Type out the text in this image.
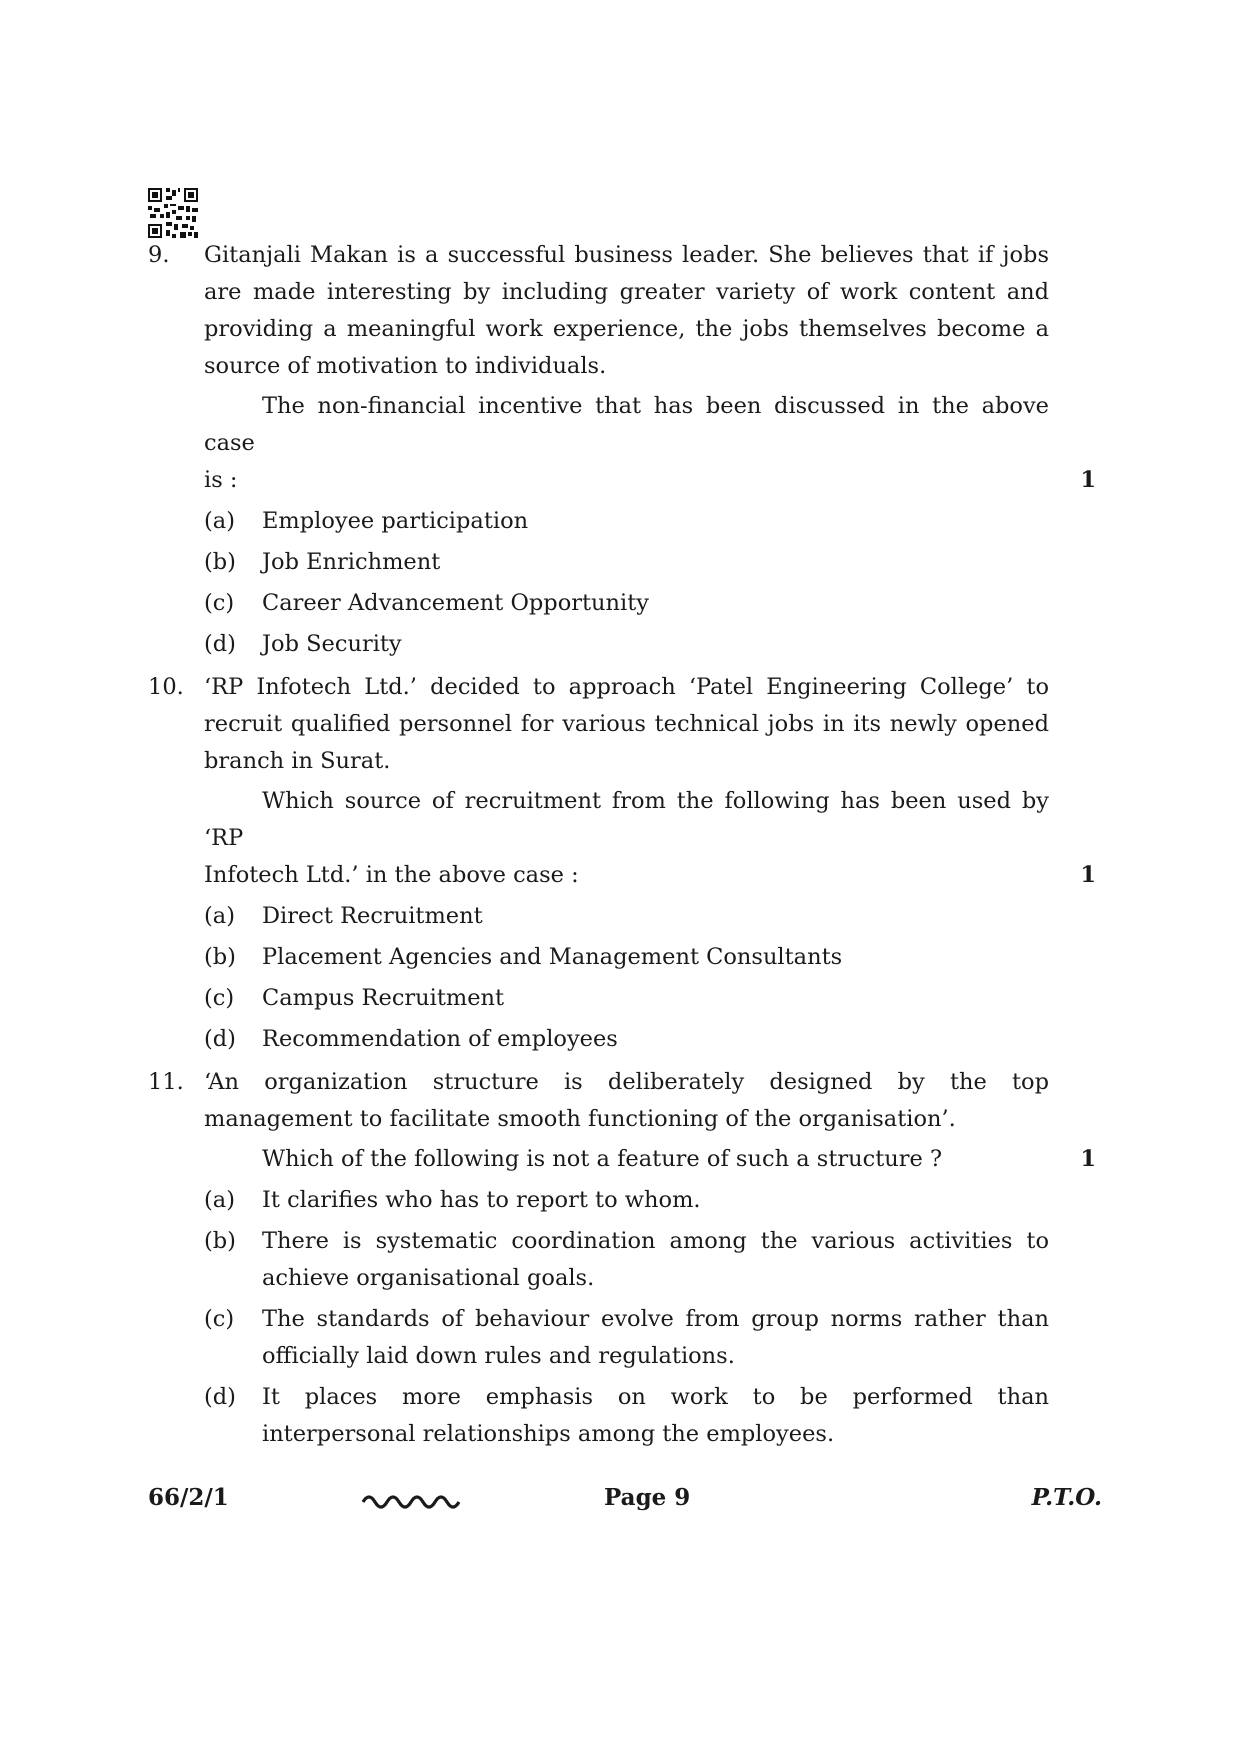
9. Gitanjali Makan is a successful business leader. She believes that if jobs are made interesting by including greater variety of work content and providing a meaningful work experience, the jobs themselves become a source of motivation to individuals.
The non-financial incentive that has been discussed in the above case
is :	1
(a)	Employee participation
(b)	Job Enrichment
(c)	Career Advancement Opportunity
(d)	Job Security
10. ‘RP Infotech Ltd.’ decided to approach ‘Patel Engineering College’ to recruit qualified personnel for various technical jobs in its newly opened branch in Surat.
Which source of recruitment from the following has been used by ‘RP
Infotech Ltd.’ in the above case :	1
(a)	Direct Recruitment
(b)	Placement Agencies and Management Consultants
(c)	Campus Recruitment
(d)	Recommendation of employees
11. ‘An organization structure is deliberately designed by the top
management to facilitate smooth functioning of the organisation’.
Which of the following is not a feature of such a structure ?	1
(a)	It clarifies who has to report to whom.
(b)	There is systematic coordination among the various activities to achieve organisational goals.
(c)	The standards of behaviour evolve from group norms rather than officially laid down rules and regulations.
(d)	It places more emphasis on work to be performed than interpersonal relationships among the employees.
66/2/1	Page 9	P.T.O.
